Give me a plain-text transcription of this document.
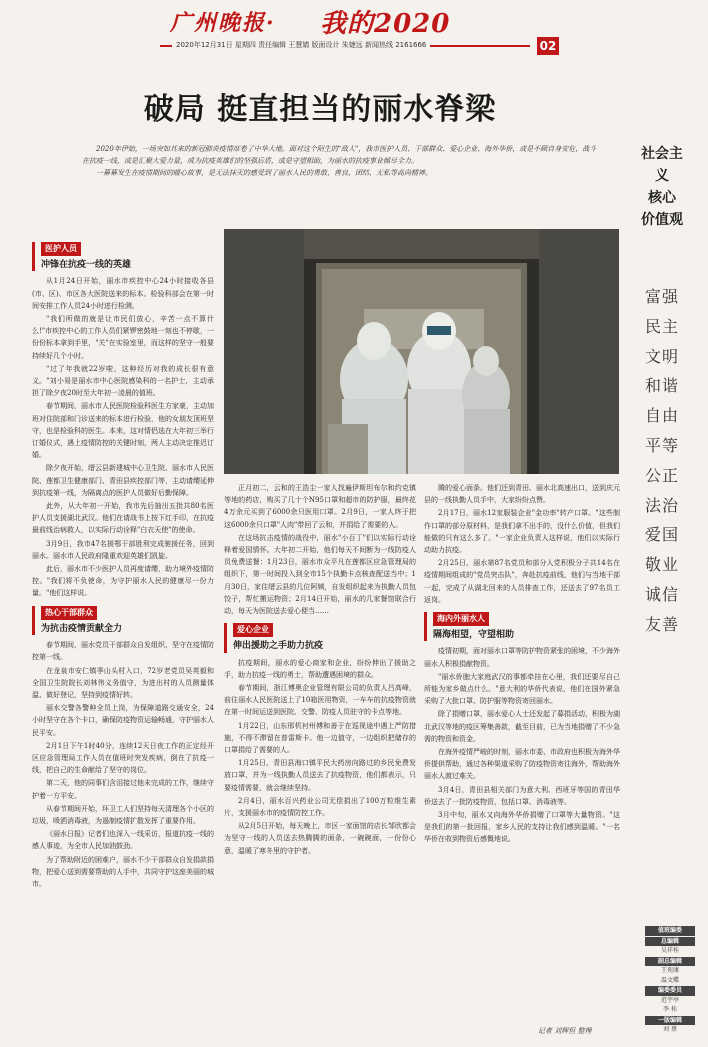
广州晚报· 我的2020
2020年12月31日 星期四 责任编辑 王慧婧 版面设计 朱婕远 新闻热线 2161666	02
破局 挺直担当的丽水脊梁

2020年伊始，一场突如其来的新冠肺炎疫情席卷了中华大地。面对这个陌生的"敌人"，我市医护人员、干部群众、爱心企业、海外华侨，或是不顾自身安危，战斗在抗疫一线，或是汇聚大爱力量，成为抗疫英雄们的坚强后盾，或是守望相助，为丽水的抗疫事业倾尽全力。

一幕幕发生在疫情期间的暖心故事，是无法抹灭的感受到了丽水人民的勇敢、善良、团结、无私等高尚精神。

社会主义
核心
价值观
富强
民主
文明
和谐
自由
平等
公正
法治
爱国
敬业
诚信
友善
值班编委
总编辑
吴祥桂
副总编辑
王苑康
温文蝶
编委委员
范宇亭
李 桂
一版编辑
刘 蔡
医护人员
冲锋在抗疫一线的英雄

从1月24日开始，丽水市疾控中心24小时接收各县(市、区)、市区各大医院送来的标本。检验科部会在第一时间安排工作人员24小时进行检测。

"我们所做的就是让市民们放心，辛苦一点不算什么!"市疾控中心的工作人员们紧锣密鼓地一刻也不停歇，一份份标本拿到手里，"关"在实验室里，而这样的坚守一般要持续好几个小时。

"过了年我就22岁啦，这种经历对我的成长很有意义。"刘小易是丽水市中心医院感染科的一名护士，主动承担了除夕夜20时至大年初一凌晨的值班。

春节期间，丽水市人民医院检验科医生方家豪，主动加班对住院部和门诊送来的标本进行检验，他的女朋友顶班坚守，也是检验科的医生。本来，这对情侣选在大年初三举行订婚仪式，遇上疫情防控的关键时刻，两人主动决定推迟订婚。

除夕夜开始，缙云县新建城中心卫生院、丽水市人民医院、莲都卫生健康部门、青田县疾控部门等，主动请缨延伸到抗疫第一线，为隔离点的医护人员做好后勤保障。

此外，从大年初一开始，我市先后抽出五批共80名医护人员支援湖北武汉。他们在请战书上按下红手印，在抗疫最前线治病救人，以实际行动诠释"白衣天使"的使命。

3月9日，我市47名援鄂干部胜利完成驰援任务，回到丽水。丽水市人民政府隆重欢迎英雄们凯旋。

此后，丽水市不少医护人员再度请缨，助力境外疫情防控。"我们将不负使命，为守护丽水人民的健康尽一份力量。"他们这样说。

热心干部群众
为抗击疫情贡献全力

春节期间，丽水党员干部群众自发组织，坚守在疫情防控第一线。

在龙泉市安仁镇季山头村入口，72岁老党员吴英毅和全国卫生院院长刘林伟义务值守，为进出村的人员测量体温、做好登记，坚持到疫情好转。

丽水交警各警种全员上岗，为保障道路交通安全，24小时坚守在各个卡口，确保防疫物资运输畅通，守护丽水人民平安。

2月1日下午1时40分，连续12天日夜工作的正定经开区应急管理局工作人员在值班时突发疾病，倒在了抗疫一线，把自己的生命献给了坚守的岗位。

第二天，他的同事们含泪接过他未完成的工作，继续守护着一方平安。

从春节期间开始，环卫工人们坚持每天清理各个小区的垃圾，喷洒消毒液，为遏制疫情扩散发挥了重要作用。

《丽水日报》记者们也深入一线采访，报道抗疫一线的感人事迹，为全市人民加油鼓劲。

为了帮助附近的困难户，丽水不少干部群众自发捐款捐物，把爱心送到需要帮助的人手中，共同守护这座美丽的城市。

正月初二，云和的王浩尘一家人找遍伊斯坦布尔和约克镇等地的药店，购买了几十个N95口罩和超市的防护服，最终花4万余元买到了6000余只医用口罩。2月9日，一家人终于把这6000余只口罩"人肉"带回了云和，并捐给了需要的人。

在这场抗击疫情的战役中，丽水"小百丁"们以实际行动诠释着爱国情怀。大年初二开始，他们每天不间断为一线防疫人员免费送餐：1月23日，丽水市众平凡在莲都区应急管理局的组织下，第一时间投入到全市15个执勤卡点核查配送当中；1月30日，家住缙云县的几位阿姨，自发组织起来为执勤人员包饺子，帮忙搬运物资；2月14日开始，丽水的几家餐馆联合行动，每天为医院送去爱心便当……

爱心企业
伸出援助之手助力抗疫

抗疫期间，丽水的爱心商家和企业，纷纷伸出了援助之手，助力抗疫一线的勇士，帮助遭遇困境的群众。

春节期间，浙江博奥企业管理有限公司的负责人吕高峰，前往丽水人民医院送上了10箱医用物资，一车车的抗疫物资就在第一时间运送到医院、交警、防疫人员驻守的卡点等地。

1月22日，山东邢机衬州傅和善于在巡视途中遇上严防措施，不得不滞留在普雷斯卡。他一边值守，一边组织把储存的口罩捐给了需要的人。

1月25日，青田县海口镇平民大药房向路过的乡民免费发放口罩，并为一线执勤人员送去了抗疫物资，他们都表示，只要疫情需要，就会继续坚持。

2月4日，丽水百兴药业公司无偿捐出了100万粒维生素片，支援丽水市的疫情防控工作。

从2月5日开始，每天晚上，市区一家面馆的店长邹欣都会为坚守一线的人员送去热腾腾的面条，一碗碗面，一份份心意，温暖了寒冬里的守护者。

腾的爱心面条。他们还到青田、丽水北高速出口，送到庆元县的一线执勤人员手中，大家纷纷点赞。

2月17日，丽水12家服装企业"金功率"转产口罩。"这些制作口罩的部分原材料，是我们拿不出手的，没什么价值，但我们能做的只有这么多了。"一家企业负责人这样说，他们以实际行动助力抗疫。

2月25日，丽水第87名党员和部分人党积极分子共14名在疫情期间组成的"党员突击队"，奔赴抗疫前线，他们与当地干部一起，完成了从湖北回来的人员排查工作，还送去了97名员工返岗。

海内外丽水人
隔海相望，守望相助

疫情初期，面对丽水口罩等防护物资紧张的困境，不少海外丽水人积极捐献物资。

"丽水侨胞大家庭武汉的事都牵挂在心里，我们还要尽自己所能为家乡做点什么。"意大利的华侨代表说，他们在国外紧急采购了大批口罩、防护服等物资寄回丽水。

除了捐赠口罩，丽水爱心人士还发起了募捐活动，积极为湖北武汉等地的疫区筹集善款，截至目前，已为当地捐赠了不少急需的物资和资金。

在海外疫情严峻的时刻，丽水市委、市政府也积极为海外华侨提供帮助，通过各种渠道采购了防疫物资寄往海外，帮助海外丽水人渡过难关。

3月4日，青田县相关部门为意大利、西班牙等国的青田华侨送去了一批防疫物资，包括口罩、消毒液等。

3月中旬，丽水又向海外华侨捐赠了口罩等大量物资。"这是我们的第一批回报，家乡人民的支持让我们感到温暖。"一名华侨在收到物资后感慨地说。

记者 刘辉恒 整理
